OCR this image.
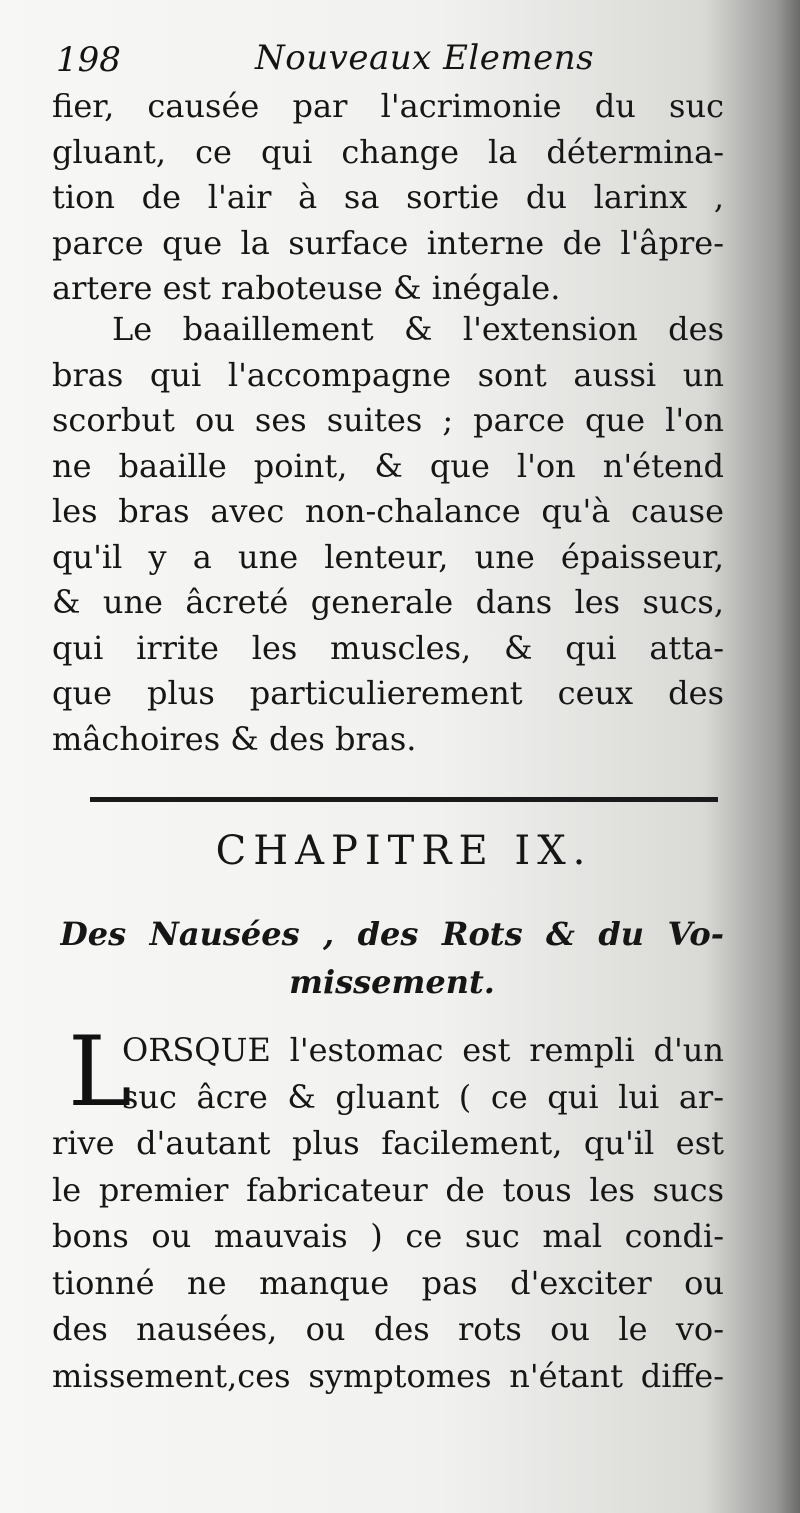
198	Nouveaux Elemens
fier, causée par l'acrimonie du suc
gluant, ce qui change la détermina-
tion de l'air à sa sortie du larinx ,
parce que la surface interne de l'âpre-
artere est raboteuse & inégale.
Le baaillement & l'extension des
bras qui l'accompagne sont aussi un
scorbut ou ses suites ; parce que l'on
ne baaille point, & que l'on n'étend
les bras avec non-chalance qu'à cause
qu'il y a une lenteur, une épaisseur,
& une âcreté generale dans les sucs,
qui irrite les muscles, & qui atta-
que plus particulierement ceux des
mâchoires & des bras.
CHAPITRE IX.
Des Nausées , des Rots & du Vo-
missement.
L
ORSQUE l'estomac est rempli d'un
suc âcre & gluant ( ce qui lui ar-
rive d'autant plus facilement, qu'il est
le premier fabricateur de tous les sucs
bons ou mauvais ) ce suc mal condi-
tionné ne manque pas d'exciter ou
des nausées, ou des rots ou le vo-
missement,ces symptomes n'étant diffe-
